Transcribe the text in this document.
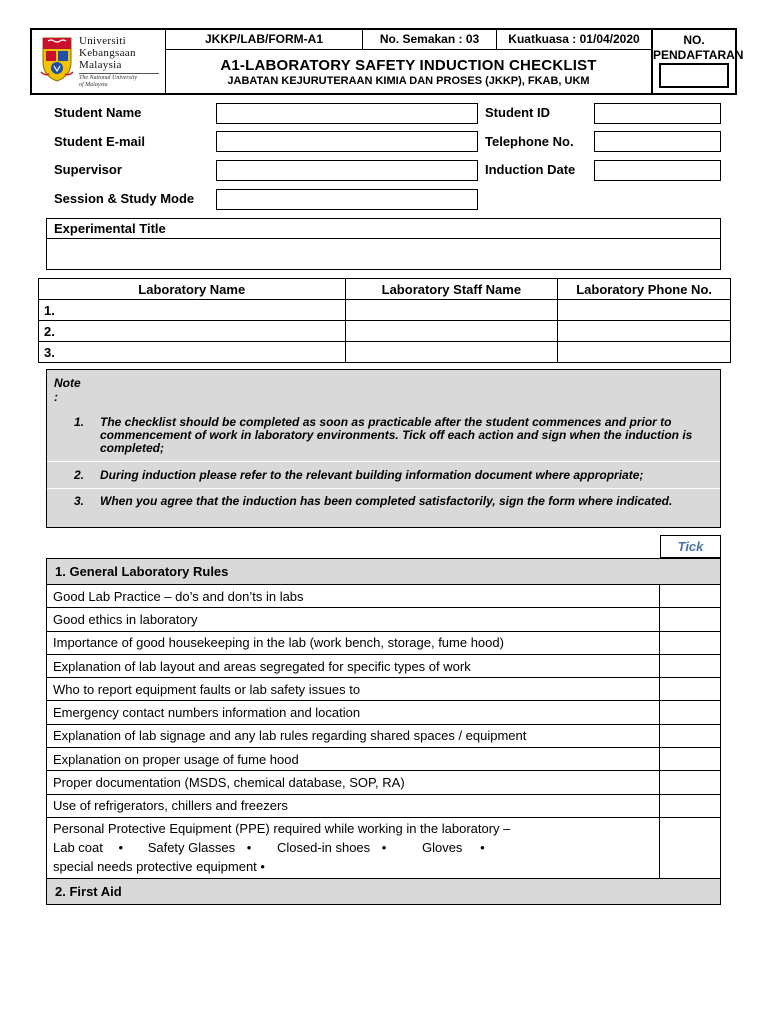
Universiti
Kebangsaan
Malaysia
The National University
of Malaysia
JKKP/LAB/FORM-A1	No. Semakan : 03	Kuatkuasa : 01/04/2020
A1-LABORATORY SAFETY INDUCTION CHECKLIST
JABATAN KEJURUTERAAN KIMIA DAN PROSES (JKKP), FKAB, UKM
NO.
PENDAFTARAN
Student Name
Student E-mail
Supervisor
Session & Study Mode
Student ID
Telephone No.
Induction Date
Experimental Title
Laboratory Name	Laboratory Staff Name	Laboratory Phone No.
1.		
2.		
3.		
Note
:
1. The checklist should be completed as soon as practicable after the student commences and prior to commencement of work in laboratory environments. Tick off each action and sign when the induction is completed;
2. During induction please refer to the relevant building information document where appropriate;
3. When you agree that the induction has been completed satisfactorily, sign the form where indicated.
Tick
1. General Laboratory Rules	
Good Lab Practice – do’s and don’ts in labs	
Good ethics in laboratory	
Importance of good housekeeping in the lab (work bench, storage, fume hood)	
Explanation of lab layout and areas segregated for specific types of work	
Who to report equipment faults or lab safety issues to	
Emergency contact numbers information and location	
Explanation of lab signage and any lab rules regarding shared spaces / equipment	
Explanation on proper usage of fume hood	
Proper documentation (MSDS, chemical database, SOP, RA)	
Use of refrigerators, chillers and freezers	

Personal Protective Equipment (PPE) required while working in the laboratory –
Lab coat • Safety Glasses • Closed-in shoes • Gloves •
special needs protective equipment •	

2. First Aid	
